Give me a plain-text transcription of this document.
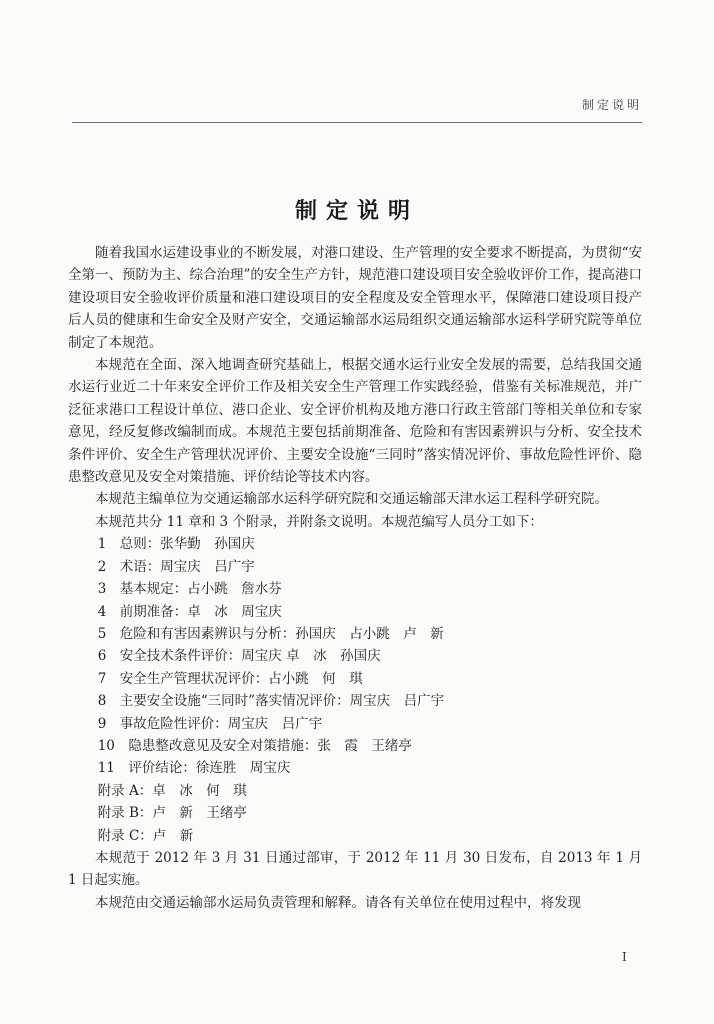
制定说明
制定说明

随着我国水运建设事业的不断发展，对港口建设、生产管理的安全要求不断提高，为贯彻“安全第一、预防为主、综合治理”的安全生产方针，规范港口建设项目安全验收评价工作，提高港口建设项目安全验收评价质量和港口建设项目的安全程度及安全管理水平，保障港口建设项目投产后人员的健康和生命安全及财产安全，交通运输部水运局组织交通运输部水运科学研究院等单位制定了本规范。

本规范在全面、深入地调查研究基础上，根据交通水运行业安全发展的需要，总结我国交通水运行业近二十年来安全评价工作及相关安全生产管理工作实践经验，借鉴有关标准规范，并广泛征求港口工程设计单位、港口企业、安全评价机构及地方港口行政主管部门等相关单位和专家意见，经反复修改编制而成。本规范主要包括前期准备、危险和有害因素辨识与分析、安全技术条件评价、安全生产管理状况评价、主要安全设施“三同时”落实情况评价、事故危险性评价、隐患整改意见及安全对策措施、评价结论等技术内容。

本规范主编单位为交通运输部水运科学研究院和交通运输部天津水运工程科学研究院。

本规范共分 11 章和 3 个附录，并附条文说明。本规范编写人员分工如下：

1　总则：张华勤　孙国庆

2　术语：周宝庆　吕广宇

3　基本规定：占小跳　詹水芬

4　前期准备：卓　冰　周宝庆

5　危险和有害因素辨识与分析：孙国庆　占小跳　卢　新

6　安全技术条件评价：周宝庆 卓　冰　孙国庆

7　安全生产管理状况评价：占小跳　何　琪

8　主要安全设施“三同时”落实情况评价：周宝庆　吕广宇

9　事故危险性评价：周宝庆　吕广宇

10　隐患整改意见及安全对策措施：张　霞　王绪亭

11　评价结论：徐连胜　周宝庆

附录 A：卓　冰　何　琪

附录 B：卢　新　王绪亭

附录 C：卢　新

本规范于 2012 年 3 月 31 日通过部审，于 2012 年 11 月 30 日发布，自 2013 年 1 月 1 日起实施。

本规范由交通运输部水运局负责管理和解释。请各有关单位在使用过程中，将发现

I
